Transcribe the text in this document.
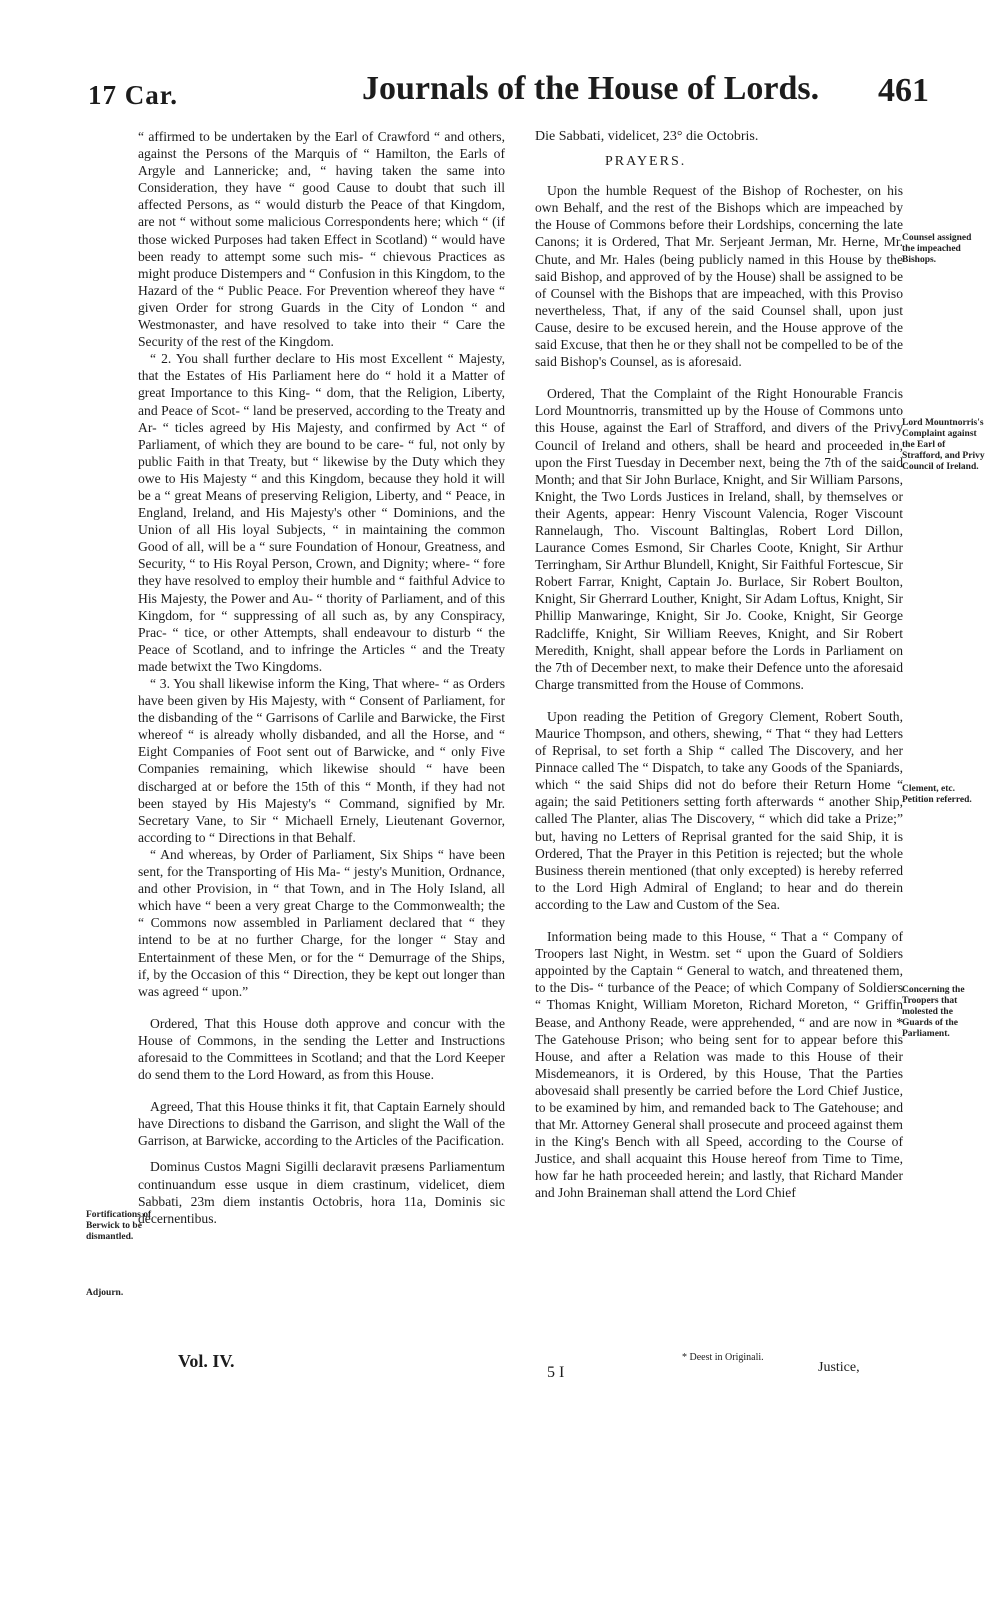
17 Car.	Journals of the House of Lords. 461

“ affirmed to be undertaken by the Earl of Crawford “ and others, against the Persons of the Marquis of “ Hamilton, the Earls of Argyle and Lannericke; and, “ having taken the same into Consideration, they have “ good Cause to doubt that such ill affected Persons, as “ would disturb the Peace of that Kingdom, are not “ without some malicious Correspondents here; which “ (if those wicked Purposes had taken Effect in Scotland) “ would have been ready to attempt some such mis- “ chievous Practices as might produce Distempers and “ Confusion in this Kingdom, to the Hazard of the “ Public Peace. For Prevention whereof they have “ given Order for strong Guards in the City of London “ and Westmonaster, and have resolved to take into their “ Care the Security of the rest of the Kingdom.

“ 2. You shall further declare to His most Excellent “ Majesty, that the Estates of His Parliament here do “ hold it a Matter of great Importance to this King- “ dom, that the Religion, Liberty, and Peace of Scot- “ land be preserved, according to the Treaty and Ar- “ ticles agreed by His Majesty, and confirmed by Act “ of Parliament, of which they are bound to be care- “ ful, not only by public Faith in that Treaty, but “ likewise by the Duty which they owe to His Majesty “ and this Kingdom, because they hold it will be a “ great Means of preserving Religion, Liberty, and “ Peace, in England, Ireland, and His Majesty's other “ Dominions, and the Union of all His loyal Subjects, “ in maintaining the common Good of all, will be a “ sure Foundation of Honour, Greatness, and Security, “ to His Royal Person, Crown, and Dignity; where- “ fore they have resolved to employ their humble and “ faithful Advice to His Majesty, the Power and Au- “ thority of Parliament, and of this Kingdom, for “ suppressing of all such as, by any Conspiracy, Prac- “ tice, or other Attempts, shall endeavour to disturb “ the Peace of Scotland, and to infringe the Articles “ and the Treaty made betwixt the Two Kingdoms.

“ 3. You shall likewise inform the King, That where- “ as Orders have been given by His Majesty, with “ Consent of Parliament, for the disbanding of the “ Garrisons of Carlile and Barwicke, the First whereof “ is already wholly disbanded, and all the Horse, and “ Eight Companies of Foot sent out of Barwicke, and “ only Five Companies remaining, which likewise should “ have been discharged at or before the 15th of this “ Month, if they had not been stayed by His Majesty's “ Command, signified by Mr. Secretary Vane, to Sir “ Michaell Ernely, Lieutenant Governor, according to “ Directions in that Behalf.

“ And whereas, by Order of Parliament, Six Ships “ have been sent, for the Transporting of His Ma- “ jesty's Munition, Ordnance, and other Provision, in “ that Town, and in The Holy Island, all which have “ been a very great Charge to the Commonwealth; the “ Commons now assembled in Parliament declared that “ they intend to be at no further Charge, for the longer “ Stay and Entertainment of these Men, or for the “ Demurrage of the Ships, if, by the Occasion of this “ Direction, they be kept out longer than was agreed “ upon.”

Ordered, That this House doth approve and concur with the House of Commons, in the sending the Letter and Instructions aforesaid to the Committees in Scotland; and that the Lord Keeper do send them to the Lord Howard, as from this House.

Agreed, That this House thinks it fit, that Captain Earnely should have Directions to disband the Garrison, and slight the Wall of the Garrison, at Barwicke, according to the Articles of the Pacification.

Dominus Custos Magni Sigilli declaravit præsens Parliamentum continuandum esse usque in diem crastinum, videlicet, diem Sabbati, 23m diem instantis Octobris, hora 11a, Dominis sic decernentibus.

Die Sabbati, videlicet, 23° die Octobris.
PRAYERS.

Upon the humble Request of the Bishop of Rochester, on his own Behalf, and the rest of the Bishops which are impeached by the House of Commons before their Lordships, concerning the late Canons; it is Ordered, That Mr. Serjeant Jerman, Mr. Herne, Mr. Chute, and Mr. Hales (being publicly named in this House by the said Bishop, and approved of by the House) shall be assigned to be of Counsel with the Bishops that are impeached, with this Proviso nevertheless, That, if any of the said Counsel shall, upon just Cause, desire to be excused herein, and the House approve of the said Excuse, that then he or they shall not be compelled to be of the said Bishop's Counsel, as is aforesaid.

Ordered, That the Complaint of the Right Honourable Francis Lord Mountnorris, transmitted up by the House of Commons unto this House, against the Earl of Strafford, and divers of the Privy Council of Ireland and others, shall be heard and proceeded in, upon the First Tuesday in December next, being the 7th of the said Month; and that Sir John Burlace, Knight, and Sir William Parsons, Knight, the Two Lords Justices in Ireland, shall, by themselves or their Agents, appear: Henry Viscount Valencia, Roger Viscount Rannelaugh, Tho. Viscount Baltinglas, Robert Lord Dillon, Laurance Comes Esmond, Sir Charles Coote, Knight, Sir Arthur Terringham, Sir Arthur Blundell, Knight, Sir Faithful Fortescue, Sir Robert Farrar, Knight, Captain Jo. Burlace, Sir Robert Boulton, Knight, Sir Gherrard Louther, Knight, Sir Adam Loftus, Knight, Sir Phillip Manwaringe, Knight, Sir Jo. Cooke, Knight, Sir George Radcliffe, Knight, Sir William Reeves, Knight, and Sir Robert Meredith, Knight, shall appear before the Lords in Parliament on the 7th of December next, to make their Defence unto the aforesaid Charge transmitted from the House of Commons.

Upon reading the Petition of Gregory Clement, Robert South, Maurice Thompson, and others, shewing, “ That “ they had Letters of Reprisal, to set forth a Ship “ called The Discovery, and her Pinnace called The “ Dispatch, to take any Goods of the Spaniards, which “ the said Ships did not do before their Return Home “ again; the said Petitioners setting forth afterwards “ another Ship, called The Planter, alias The Discovery, “ which did take a Prize;” but, having no Letters of Reprisal granted for the said Ship, it is Ordered, That the Prayer in this Petition is rejected; but the whole Business therein mentioned (that only excepted) is hereby referred to the Lord High Admiral of England; to hear and do therein according to the Law and Custom of the Sea.

Information being made to this House, “ That a “ Company of Troopers last Night, in Westm. set “ upon the Guard of Soldiers appointed by the Captain “ General to watch, and threatened them, to the Dis- “ turbance of the Peace; of which Company of Soldiers “ Thomas Knight, William Moreton, Richard Moreton, “ Griffin Bease, and Anthony Reade, were apprehended, “ and are now in * The Gatehouse Prison; who being sent for to appear before this House, and after a Relation was made to this House of their Misdemeanors, it is Ordered, by this House, That the Parties abovesaid shall presently be carried before the Lord Chief Justice, to be examined by him, and remanded back to The Gatehouse; and that Mr. Attorney General shall prosecute and proceed against them in the King's Bench with all Speed, according to the Course of Justice, and shall acquaint this House hereof from Time to Time, how far he hath proceeded herein; and lastly, that Richard Mander and John Braineman shall attend the Lord Chief

Fortifications of Berwick to be dismantled.
Adjourn.
Counsel assigned the impeached Bishops.
Lord Mountnorris's Complaint against the Earl of Strafford, and Privy Council of Ireland.
Clement, etc. Petition referred.
Concerning the Troopers that molested the Guards of the Parliament.
Vol. IV.
5 I
* Deest in Originali.
Justice,
